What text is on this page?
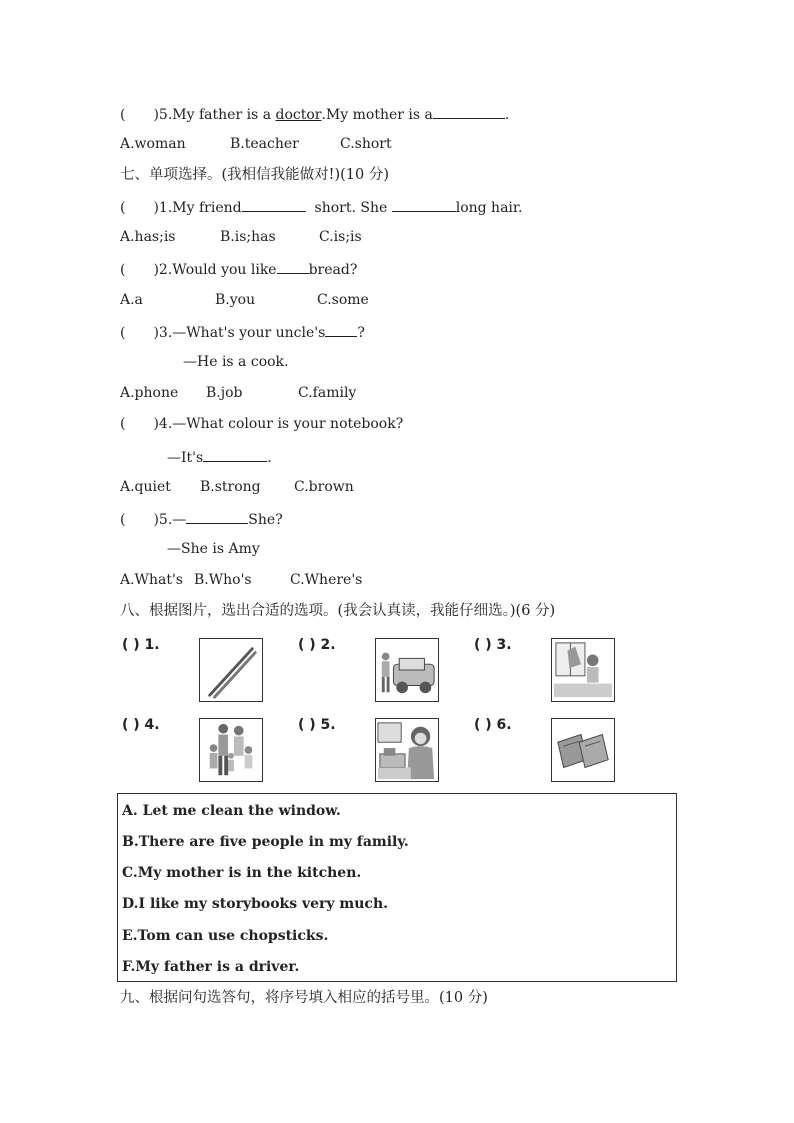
( )5.My father is a doctor.My mother is a	.
A.woman	B.teacher	C.short
七、单项选择。(我相信我能做对!)(10 分)
( )1.My friend	short. She	long hair.
A.has;is	B.is;has	C.is;is
( )2.Would you like bread?
A.a	B.you	C.some
( )3.—What's your uncle's ?
—He is a cook.
A.phone B.job	C.family
( )4.—What colour is your notebook?
—It's	.
A.quiet B.strong C.brown
( )5.—	She?
—She is Amy
A.What's B.Who's	C.Where's
八、根据图片，选出合适的选项。(我会认真读，我能仔细选。)(6 分)
( ) 1.	( ) 2.	( ) 3.
( ) 4.	( ) 5.	( ) 6.
A. Let me clean the window.
B.There are five people in my family.
C.My mother is in the kitchen.
D.I like my storybooks very much.
E.Tom can use chopsticks.
F.My father is a driver.
九、根据问句选答句，将序号填入相应的括号里。(10 分)
